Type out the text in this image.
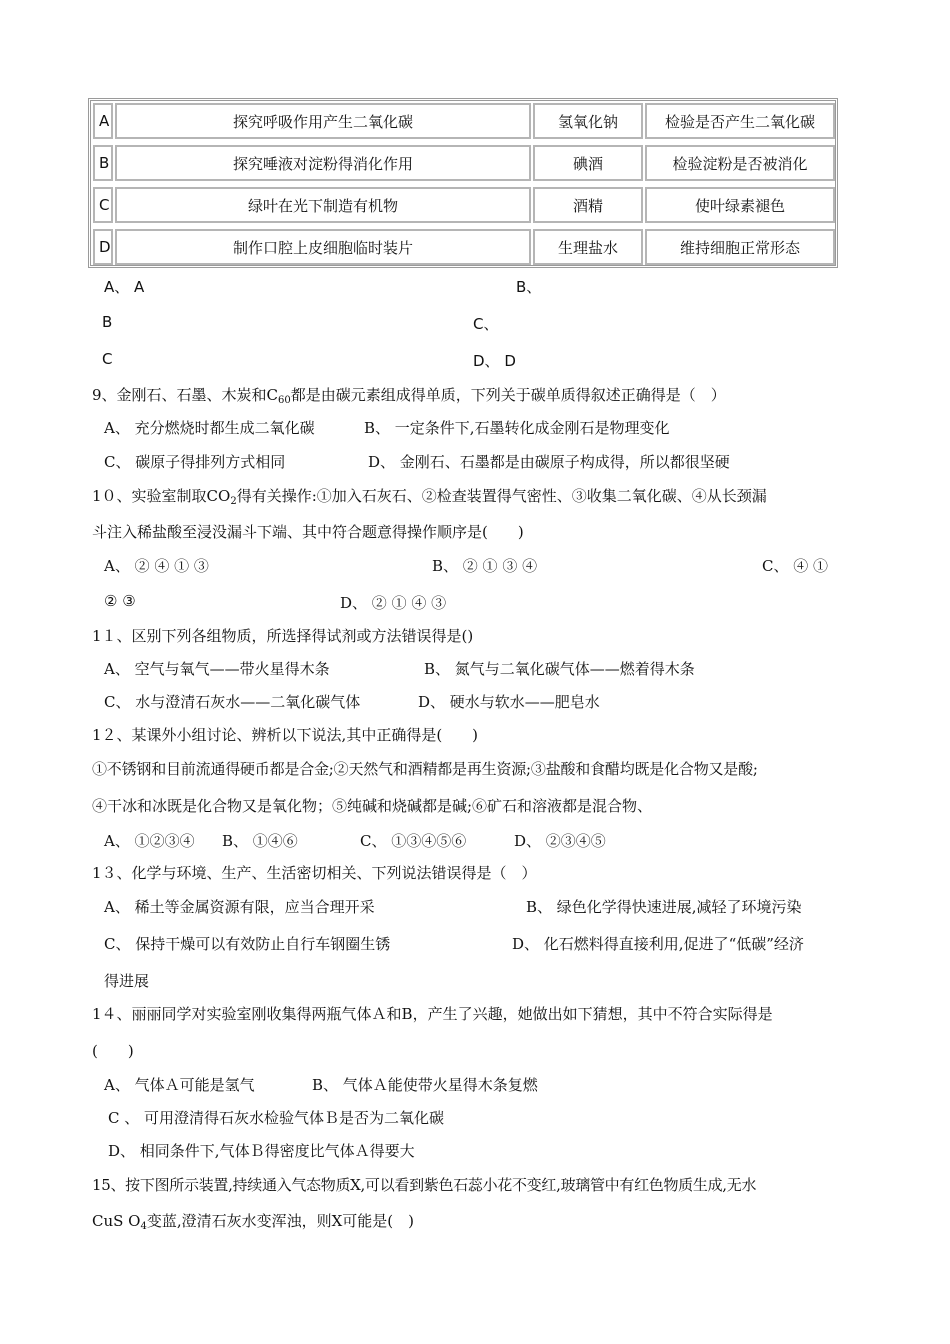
A	探究呼吸作用产生二氧化碳	氢氧化钠	检验是否产生二氧化碳
B	探究唾液对淀粉得消化作用	碘酒	检验淀粉是否被消化
C	绿叶在光下制造有机物	酒精	使叶绿素褪色
D	制作口腔上皮细胞临时装片	生理盐水	维持细胞正常形态
A、 A	B、
B	C、
C	D、 D
9、金刚石、石墨、木炭和$C_{60}$都是由碳元素组成得单质，下列关于碳单质得叙述正确得是（　）
A、 充分燃烧时都生成二氧化碳	B、 一定条件下,石墨转化成金刚石是物理变化
C、 碳原子得排列方式相同	D、 金刚石、石墨都是由碳原子构成得，所以都很坚硬
1０、实验室制取$CO_2$得有关操作:①加入石灰石、②检查装置得气密性、③收集二氧化碳、④从长颈漏
斗注入稀盐酸至浸没漏斗下端、其中符合题意得操作顺序是(　　)
A、 ② ④ ① ③	B、 ② ① ③ ④	C、 ④ ①
② ③	D、 ② ① ④ ③
1１、区别下列各组物质，所选择得试剂或方法错误得是()
A、 空气与氧气——带火星得木条	B、 氮气与二氧化碳气体——燃着得木条
C、 水与澄清石灰水——二氧化碳气体	D、 硬水与软水——肥皂水
1２、某课外小组讨论、辨析以下说法,其中正确得是(　　)
①不锈钢和目前流通得硬币都是合金;②天然气和酒精都是再生资源;③盐酸和食醋均既是化合物又是酸;
④干冰和冰既是化合物又是氧化物；⑤纯碱和烧碱都是碱;⑥矿石和溶液都是混合物、
A、 ①②③④ B、 ①④⑥	C、 ①③④⑤⑥	D、 ②③④⑤
1３、化学与环境、生产、生活密切相关、下列说法错误得是（　）
A、 稀土等金属资源有限，应当合理开采	B、 绿色化学得快速进展,减轻了环境污染
C、 保持干燥可以有效防止自行车钢圈生锈	D、 化石燃料得直接利用,促进了“低碳”经济
得进展
1４、丽丽同学对实验室刚收集得两瓶气体Ａ和B，产生了兴趣，她做出如下猜想，其中不符合实际得是
(　　)
A、 气体Ａ可能是氢气	B、 气体Ａ能使带火星得木条复燃
C 、 可用澄清得石灰水检验气体Ｂ是否为二氧化碳
D、 相同条件下,气体Ｂ得密度比气体Ａ得要大
15、按下图所示装置,持续通入气态物质X,可以看到紫色石蕊小花不变红,玻璃管中有红色物质生成,无水
CuS $O_4$变蓝,澄清石灰水变浑浊，则X可能是(　)
